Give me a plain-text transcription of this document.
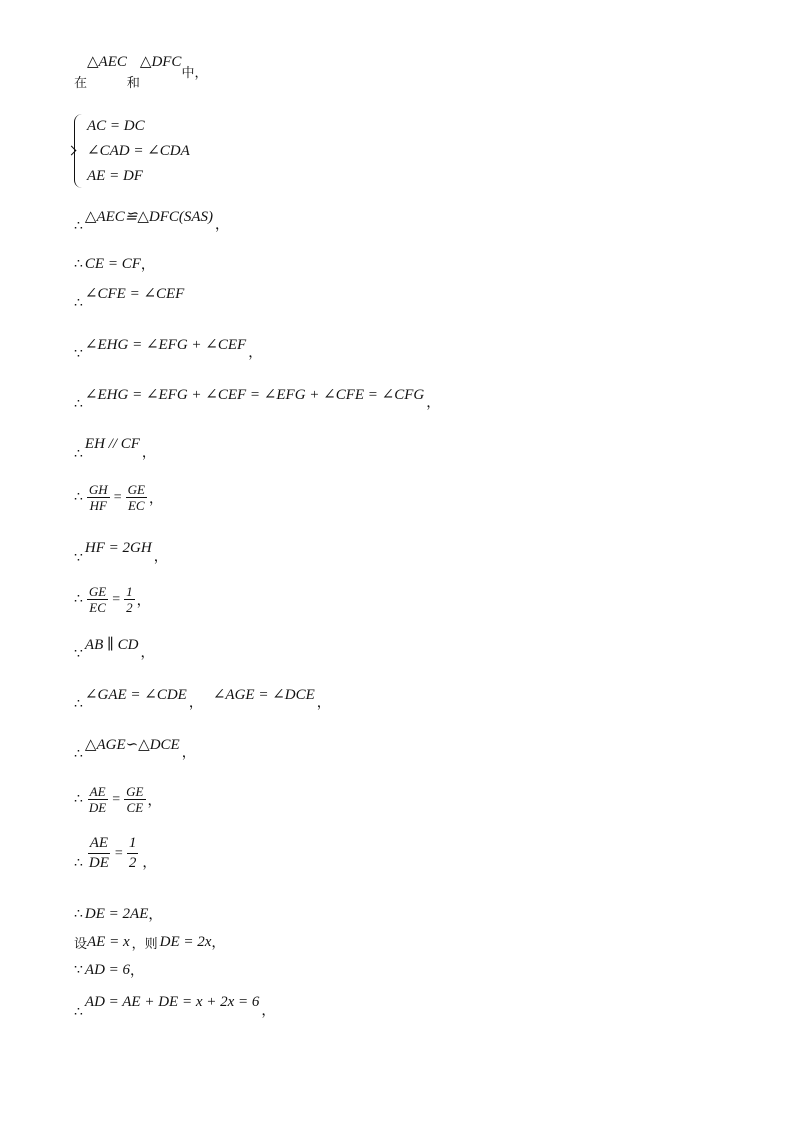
在
△AEC
和
△DFC
中，
AC = DC
∠CAD = ∠CDA
AE = DF
∴
△AEC≌△DFC(SAS)
，
∴ CE = CF ，
∴
∠CFE = ∠CEF
∵
∠EHG = ∠EFG + ∠CEF
，
∴
∠EHG = ∠EFG + ∠CEF = ∠EFG + ∠CFE = ∠CFG
，
∴
EH // CF
，
∴ $\frac{GH}{HF} = \frac{GE}{EC}$ ，
∵
HF = 2GH
，
∴ $\frac{GE}{EC} = \frac{1}{2}$ ，
∵
AB ∥ CD
，
∴
∠GAE = ∠CDE
，
∠AGE = ∠DCE
，
∴
△AGE∽△DCE
，
∴ $\frac{AE}{DE} = \frac{GE}{CE}$ ，
∴ $\frac{AE}{DE} = \frac{1}{2}$ ，
∴ DE = 2AE ，
设 AE = x ，则 DE = 2x ，
∵ AD = 6 ，
∴
AD = AE + DE = x + 2x = 6
，
